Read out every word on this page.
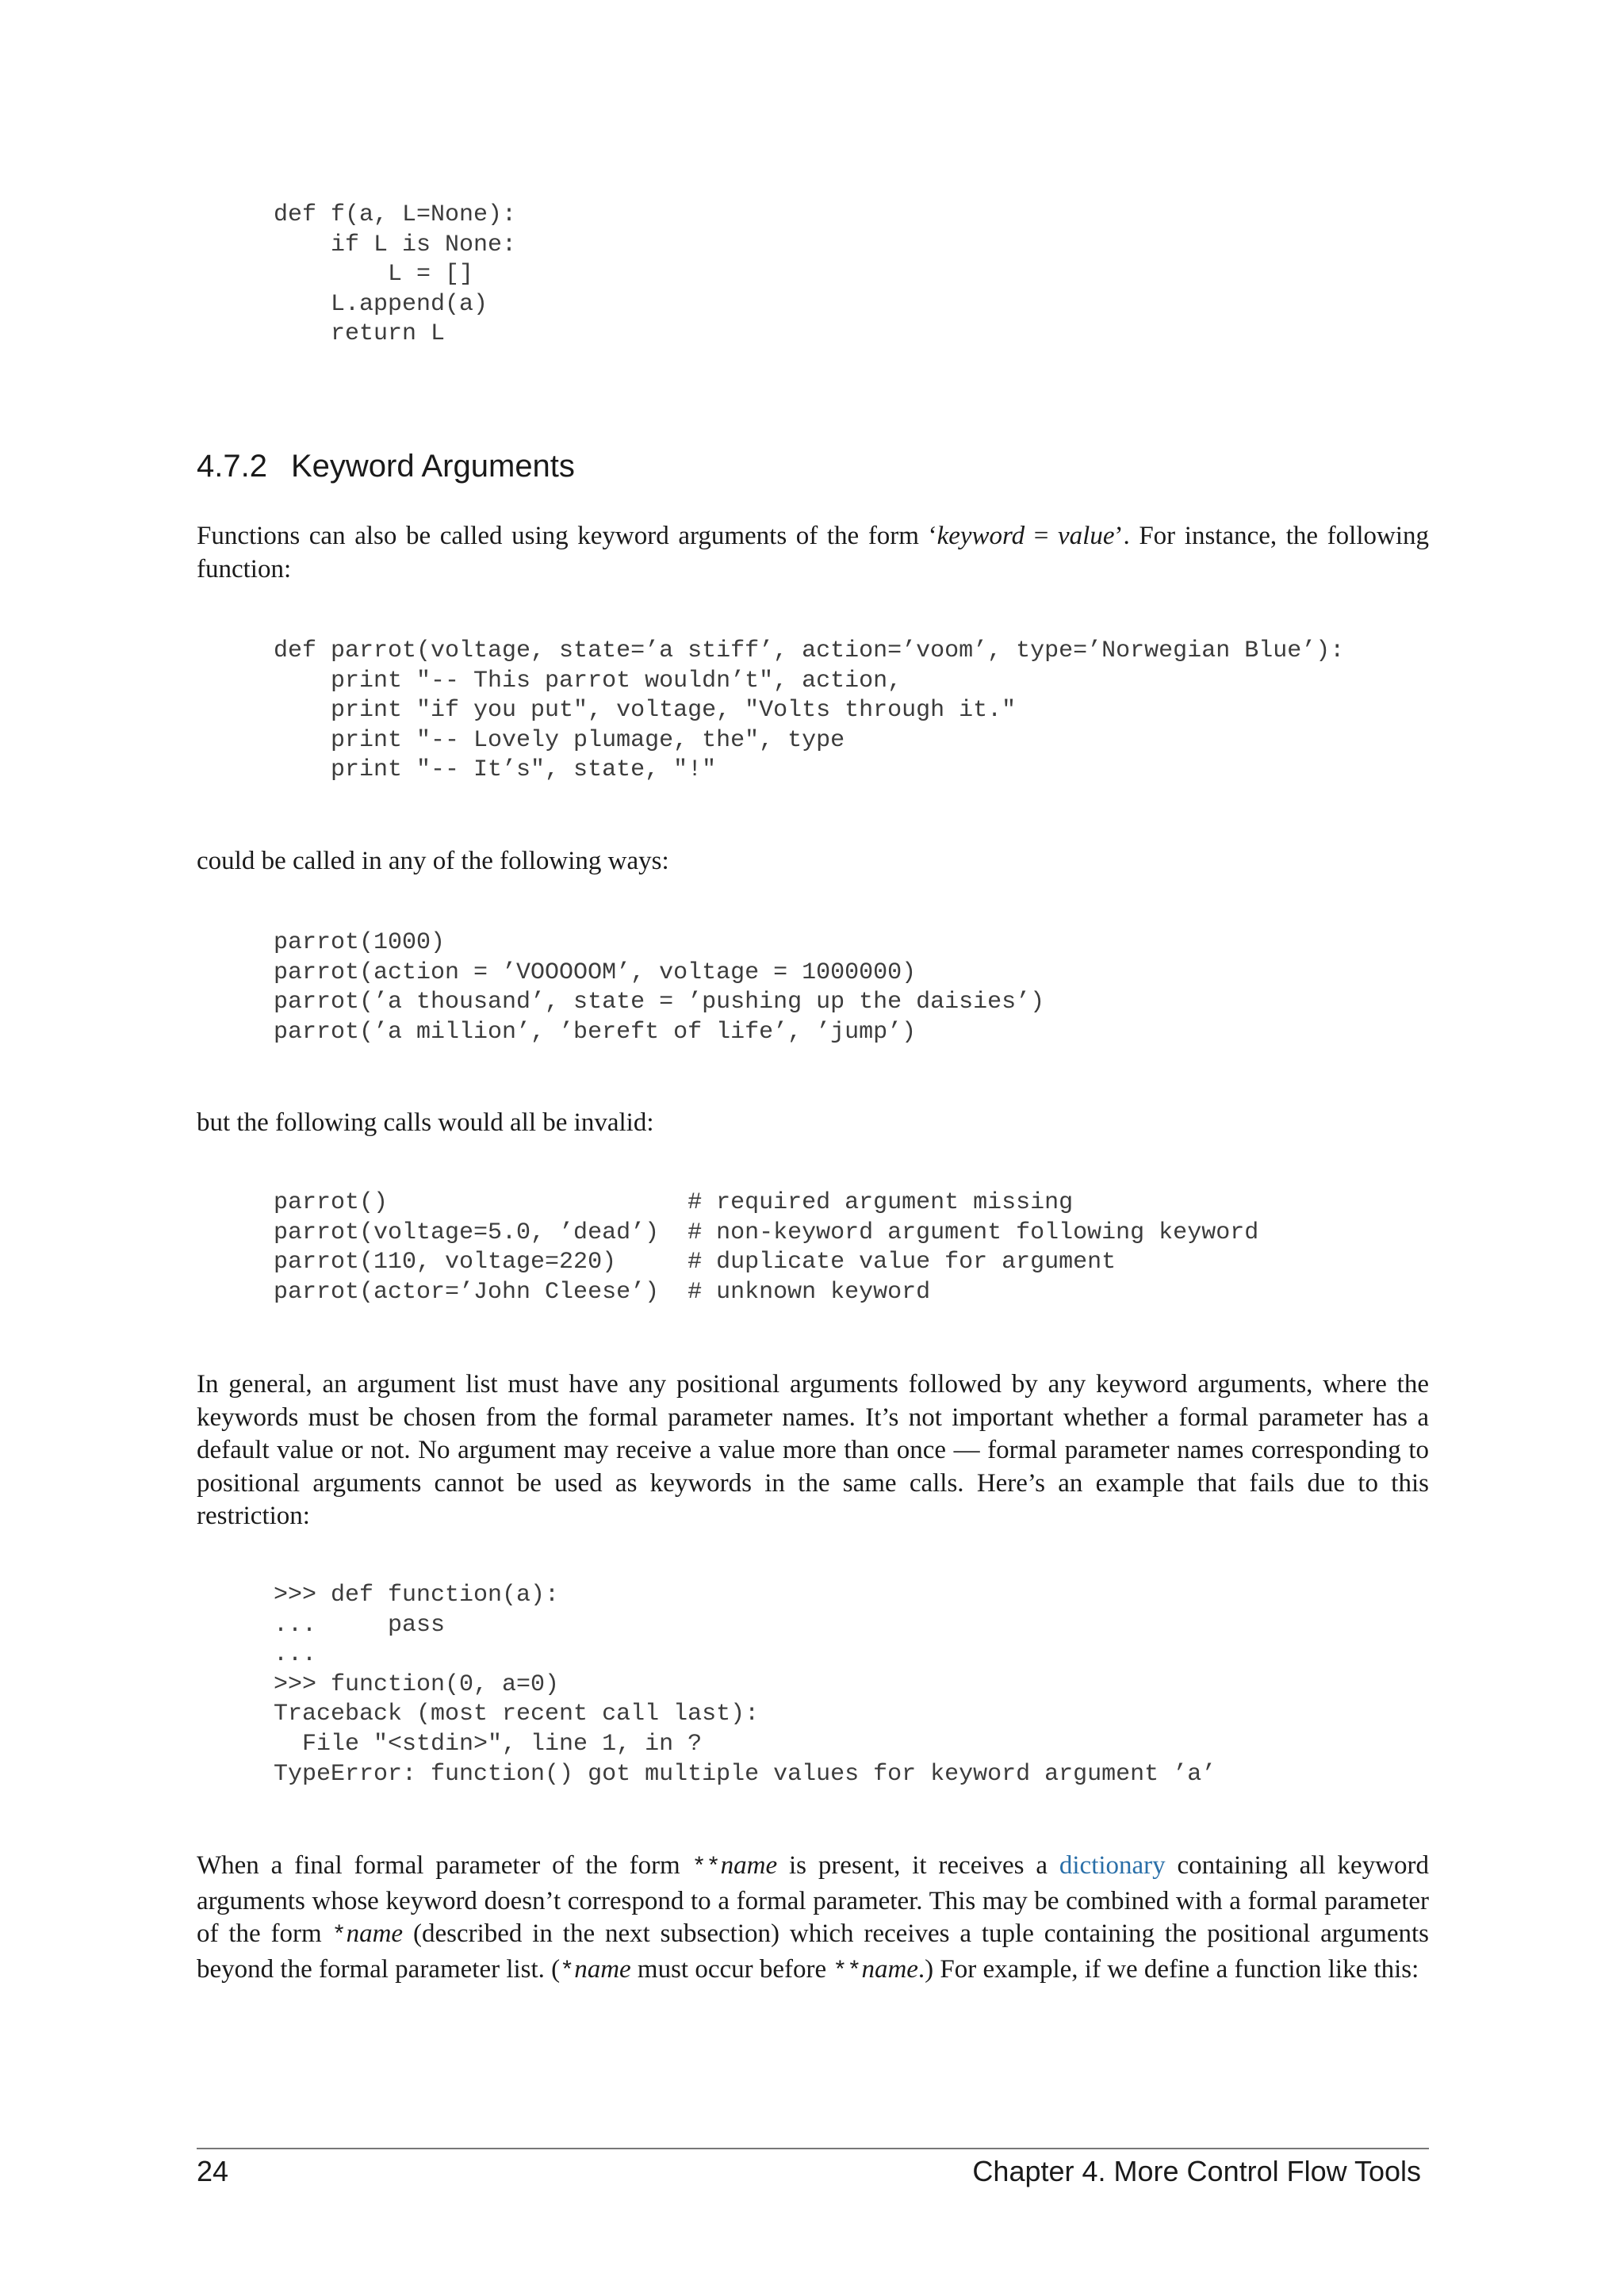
def f(a, L=None):
if L is None:
L = []
L.append(a)
return L
4.7.2 Keyword Arguments

Functions can also be called using keyword arguments of the form ‘keyword = value’. For instance, the following function:

def parrot(voltage, state=’a stiff’, action=’voom’, type=’Norwegian Blue’):
print "-- This parrot wouldn’t", action,
print "if you put", voltage, "Volts through it."
print "-- Lovely plumage, the", type
print "-- It’s", state, "!"

could be called in any of the following ways:

parrot(1000)
parrot(action = ’VOOOOOM’, voltage = 1000000)
parrot(’a thousand’, state = ’pushing up the daisies’)
parrot(’a million’, ’bereft of life’, ’jump’)

but the following calls would all be invalid:

parrot()                     # required argument missing
parrot(voltage=5.0, ’dead’)  # non-keyword argument following keyword
parrot(110, voltage=220)     # duplicate value for argument
parrot(actor=’John Cleese’)  # unknown keyword

In general, an argument list must have any positional arguments followed by any keyword arguments, where the keywords must be chosen from the formal parameter names. It’s not important whether a formal parameter has a default value or not. No argument may receive a value more than once — formal parameter names corresponding to positional arguments cannot be used as keywords in the same calls. Here’s an example that fails due to this restriction:

>>> def function(a):
...     pass
...
>>> function(0, a=0)
Traceback (most recent call last):
File "<stdin>", line 1, in ?
TypeError: function() got multiple values for keyword argument ’a’

When a final formal parameter of the form **name is present, it receives a dictionary containing all keyword arguments whose keyword doesn’t correspond to a formal parameter. This may be combined with a formal parameter of the form *name (described in the next subsection) which receives a tuple containing the positional arguments beyond the formal parameter list. (*name must occur before **name.) For example, if we define a function like this:

24	Chapter 4. More Control Flow Tools
